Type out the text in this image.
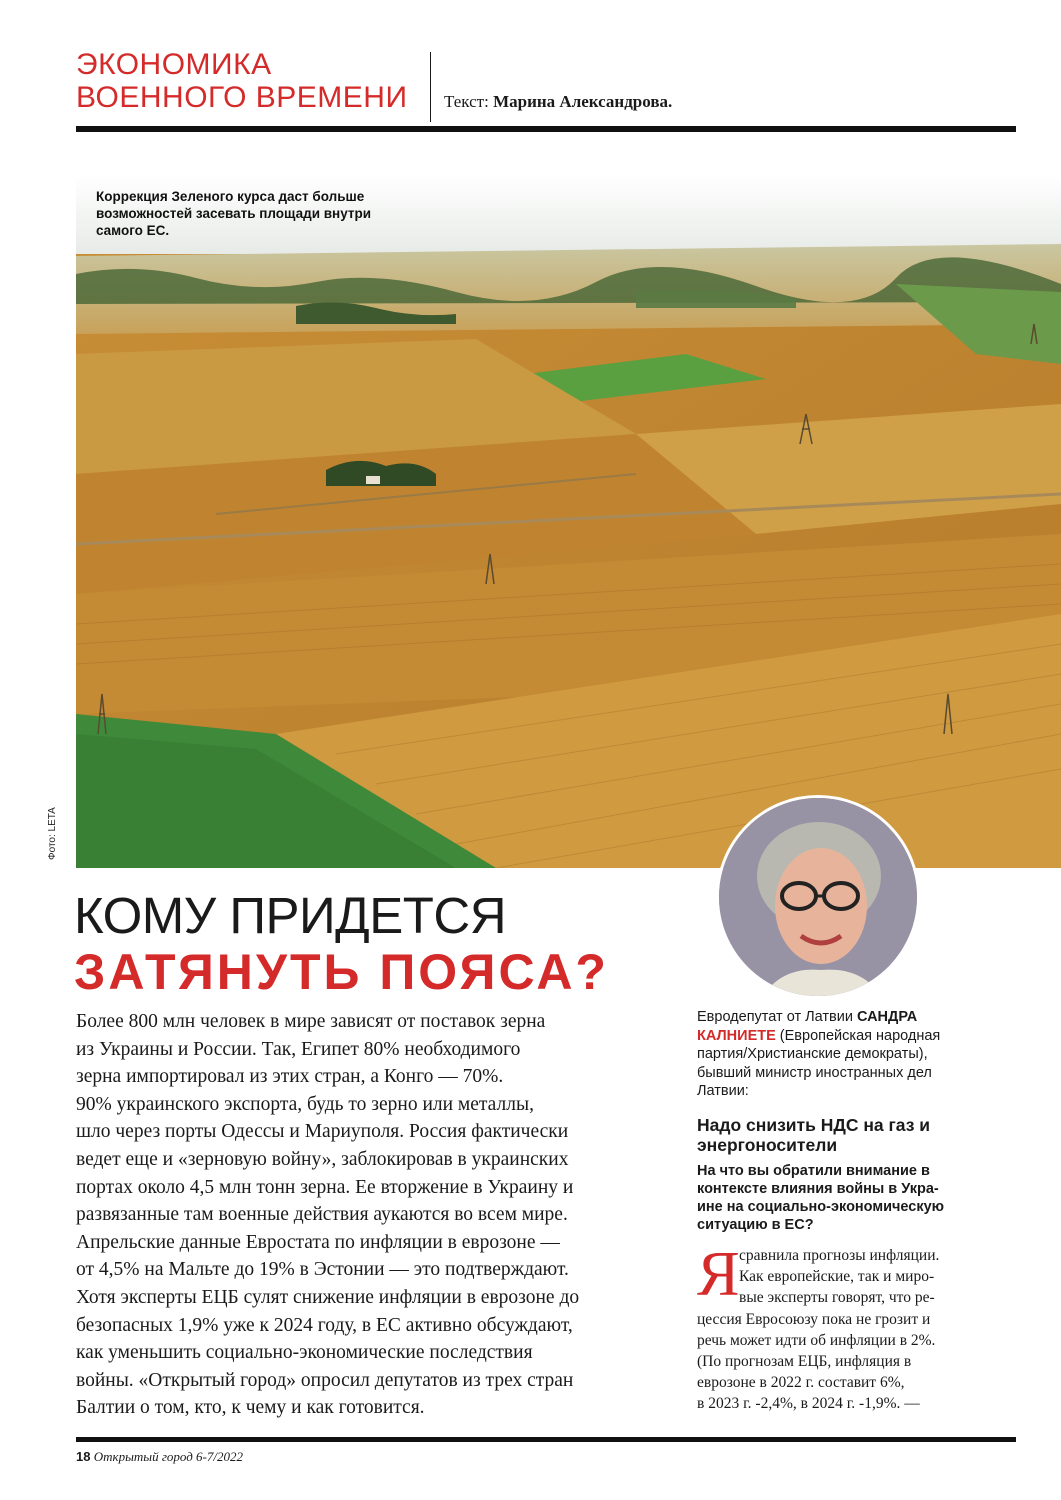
ЭКОНОМИКА
ВОЕННОГО ВРЕМЕНИ Текст: Марина Александрова.
Коррекция Зеленого курса даст больше возможностей засевать площади внутри самого ЕС.
Фото: LETA
КОМУ ПРИДЕТСЯ
ЗАТЯНУТЬ ПОЯСА?
Более 800 млн человек в мире зависят от поставок зерна
из Украины и России. Так, Египет 80% необходимого
зерна импортировал из этих стран, а Конго — 70%.
90% украинского экспорта, будь то зерно или металлы,
шло через порты Одессы и Мариуполя. Россия фактически
ведет еще и «зерновую войну», заблокировав в украинских
портах около 4,5 млн тонн зерна. Ее вторжение в Украину и
развязанные там военные действия аукаются во всем мире.
Апрельские данные Евростата по инфляции в еврозоне —
от 4,5% на Мальте до 19% в Эстонии — это подтверждают.
Хотя эксперты ЕЦБ сулят снижение инфляции в еврозоне до
безопасных 1,9% уже к 2024 году, в ЕС активно обсуждают,
как уменьшить социально-экономические последствия
войны. «Открытый город» опросил депутатов из трех стран
Балтии о том, кто, к чему и как готовится.
Евродепутат от Латвии САНДРА
КАЛНИЕТЕ (Европейская народная
партия/Христианские демократы),
бывший министр иностранных дел
Латвии:
Надо снизить НДС на газ и
энергоносители
На что вы обратили внимание в
контексте влияния войны в Укра-
ине на социально-экономическую
ситуацию в ЕС?
Я сравнила прогнозы инфляции.
Как европейские, так и миро-
вые эксперты говорят, что ре-
цессия Евросоюзу пока не грозит и
речь может идти об инфляции в 2%.
(По прогнозам ЕЦБ, инфляция в
еврозоне в 2022 г. составит 6%,
в 2023 г. -2,4%, в 2024 г. -1,9%. —
18 Открытый город 6-7/2022
